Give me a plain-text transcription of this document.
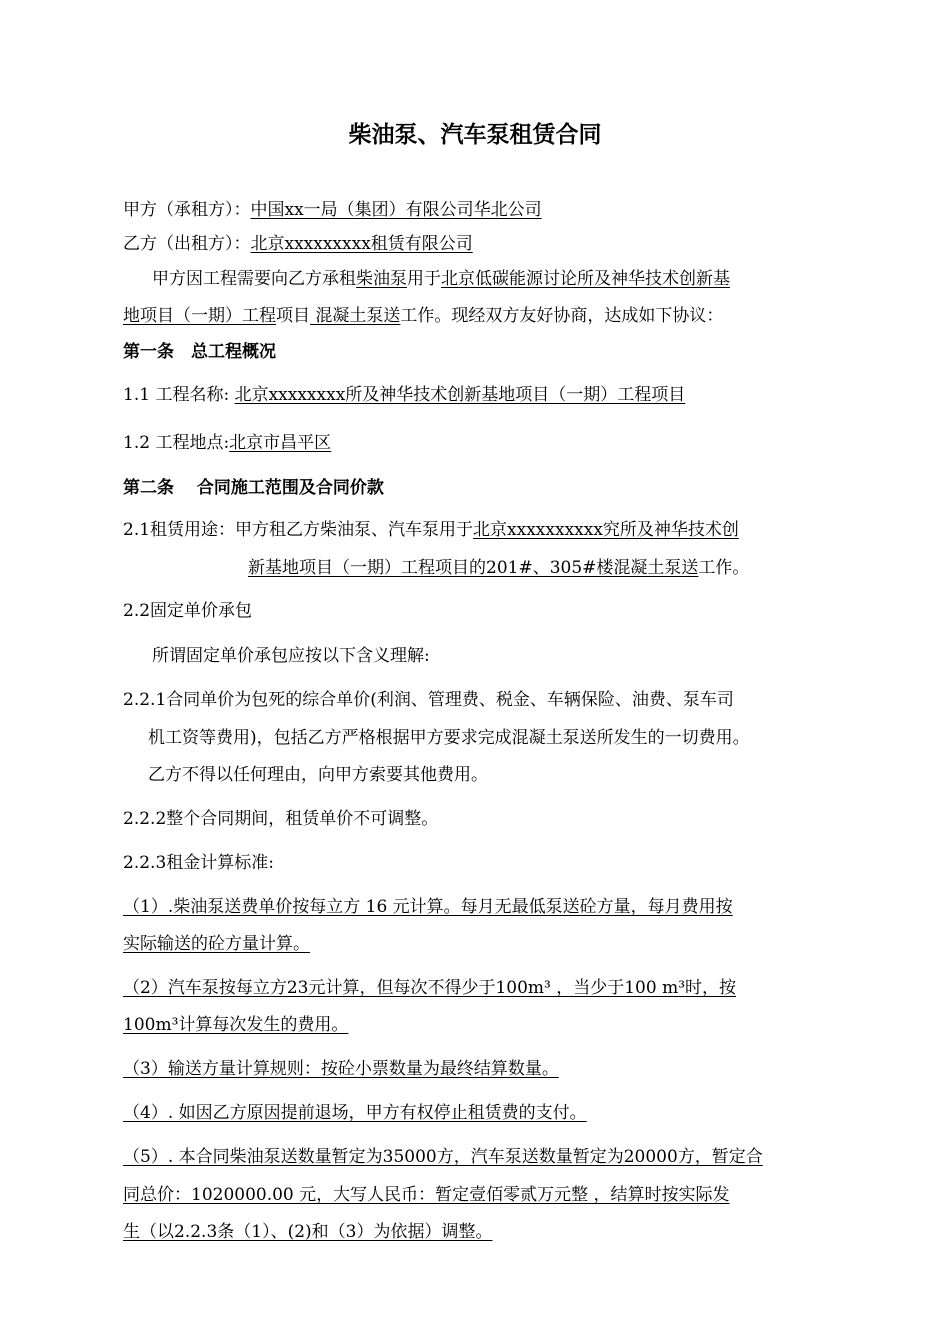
柴油泵、汽车泵租赁合同
甲方（承租方）：中国xx一局（集团）有限公司华北公司
乙方（出租方）：北京xxxxxxxxx租赁有限公司
甲方因工程需要向乙方承租柴油泵用于北京低碳能源讨论所及神华技术创新基
地项目（一期）工程项目 混凝土泵送工作。现经双方友好协商，达成如下协议：
第一条　总工程概况
1.1 工程名称: 北京xxxxxxxx所及神华技术创新基地项目（一期）工程项目
1.2 工程地点:北京市昌平区
第二条　 合同施工范围及合同价款
2.1租赁用途：甲方租乙方柴油泵、汽车泵用于北京xxxxxxxxxx究所及神华技术创
新基地项目（一期）工程项目的201#、305#楼混凝土泵送工作。
2.2固定单价承包
所谓固定单价承包应按以下含义理解:
2.2.1合同单价为包死的综合单价(利润、管理费、税金、车辆保险、油费、泵车司
机工资等费用)，包括乙方严格根据甲方要求完成混凝土泵送所发生的一切费用。
乙方不得以任何理由，向甲方索要其他费用。
2.2.2整个合同期间，租赁单价不可调整。
2.2.3租金计算标准:
（1）.柴油泵送费单价按每立方 16 元计算。每月无最低泵送砼方量，每月费用按
实际输送的砼方量计算。
（2）汽车泵按每立方23元计算，但每次不得少于100m³ ，当少于100 m³时，按
100m³计算每次发生的费用。
（3）输送方量计算规则：按砼小票数量为最终结算数量。
（4）. 如因乙方原因提前退场，甲方有权停止租赁费的支付。
（5）. 本合同柴油泵送数量暂定为35000方，汽车泵送数量暂定为20000方，暂定合
同总价：1020000.00 元，大写人民币：暂定壹佰零贰万元整 ，结算时按实际发
生（以2.2.3条（1）、(2)和（3）为依据）调整。
